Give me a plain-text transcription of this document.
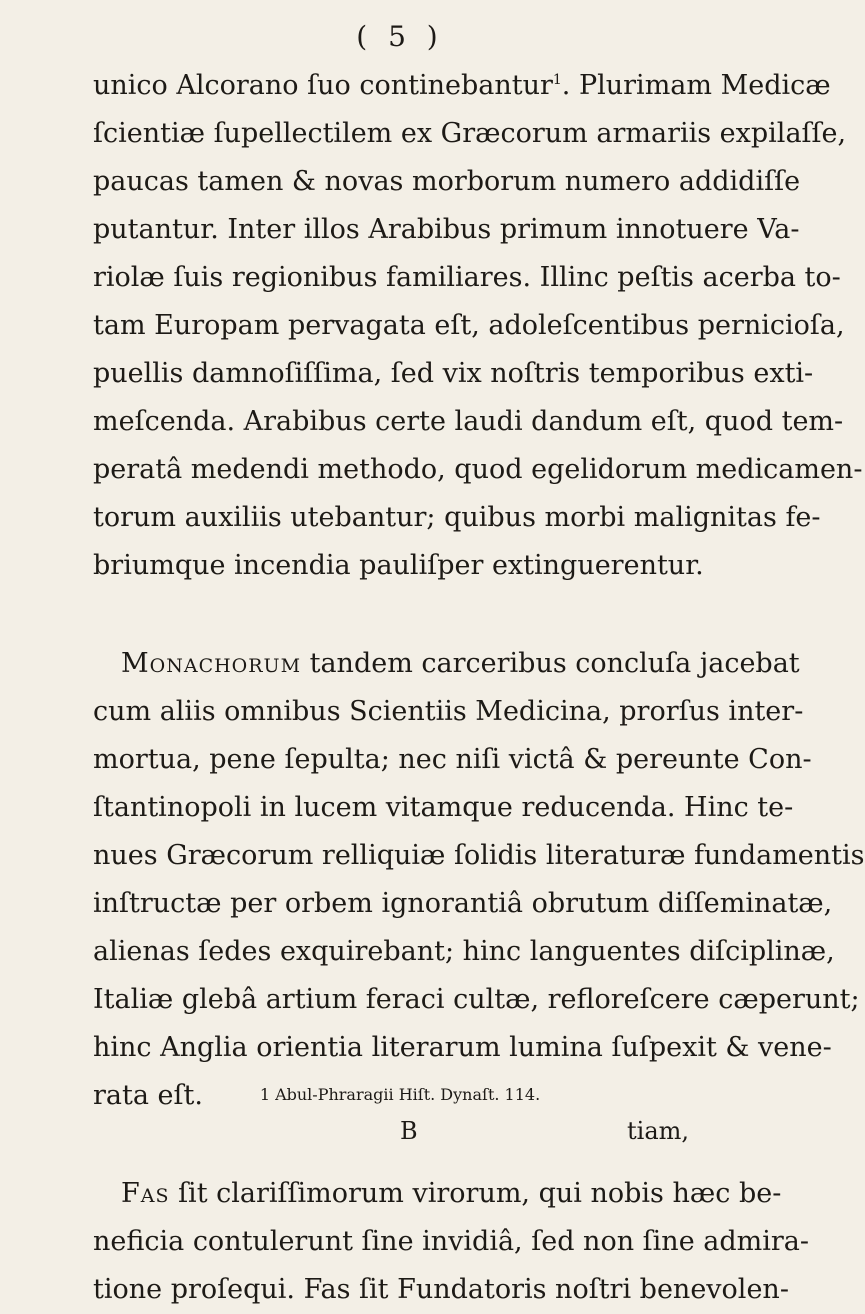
( 5 )
unico Alcorano ſuo continebantur$^1$. Plurimam Medicæ
ſcientiæ ſupellectilem ex Græcorum armariis expilaſſe,
paucas tamen & novas morborum numero addidiſſe
putantur. Inter illos Arabibus primum innotuere Va-
riolæ ſuis regionibus familiares. Illinc peſtis acerba to-
tam Europam pervagata eſt, adoleſcentibus pernicioſa,
puellis damnoſiſſima, ſed vix noſtris temporibus exti-
meſcenda. Arabibus certe laudi dandum eſt, quod tem-
peratâ medendi methodo, quod egelidorum medicamen-
torum auxiliis utebantur; quibus morbi malignitas fe-
briumque incendia pauliſper extinguerentur.
Monachorum tandem carceribus concluſa jacebat
cum aliis omnibus Scientiis Medicina, prorſus inter-
mortua, pene ſepulta; nec niſi victâ & pereunte Con-
ſtantinopoli in lucem vitamque reducenda. Hinc te-
nues Græcorum relliquiæ ſolidis literaturæ fundamentis
inſtructæ per orbem ignorantiâ obrutum diſſeminatæ,
alienas ſedes exquirebant; hinc languentes diſciplinæ,
Italiæ glebâ artium feraci cultæ, refloreſcere cæperunt;
hinc Anglia orientia literarum lumina ſuſpexit & vene-
rata eſt.
Fas ſit clariſſimorum virorum, qui nobis hæc be-
neficia contulerunt ſine invidiâ, ſed non ſine admira-
tione proſequi. Fas ſit Fundatoris noſtri benevolen-
1 Abul-Phraragii Hiſt. Dynaſt. 114.
B	tiam,
